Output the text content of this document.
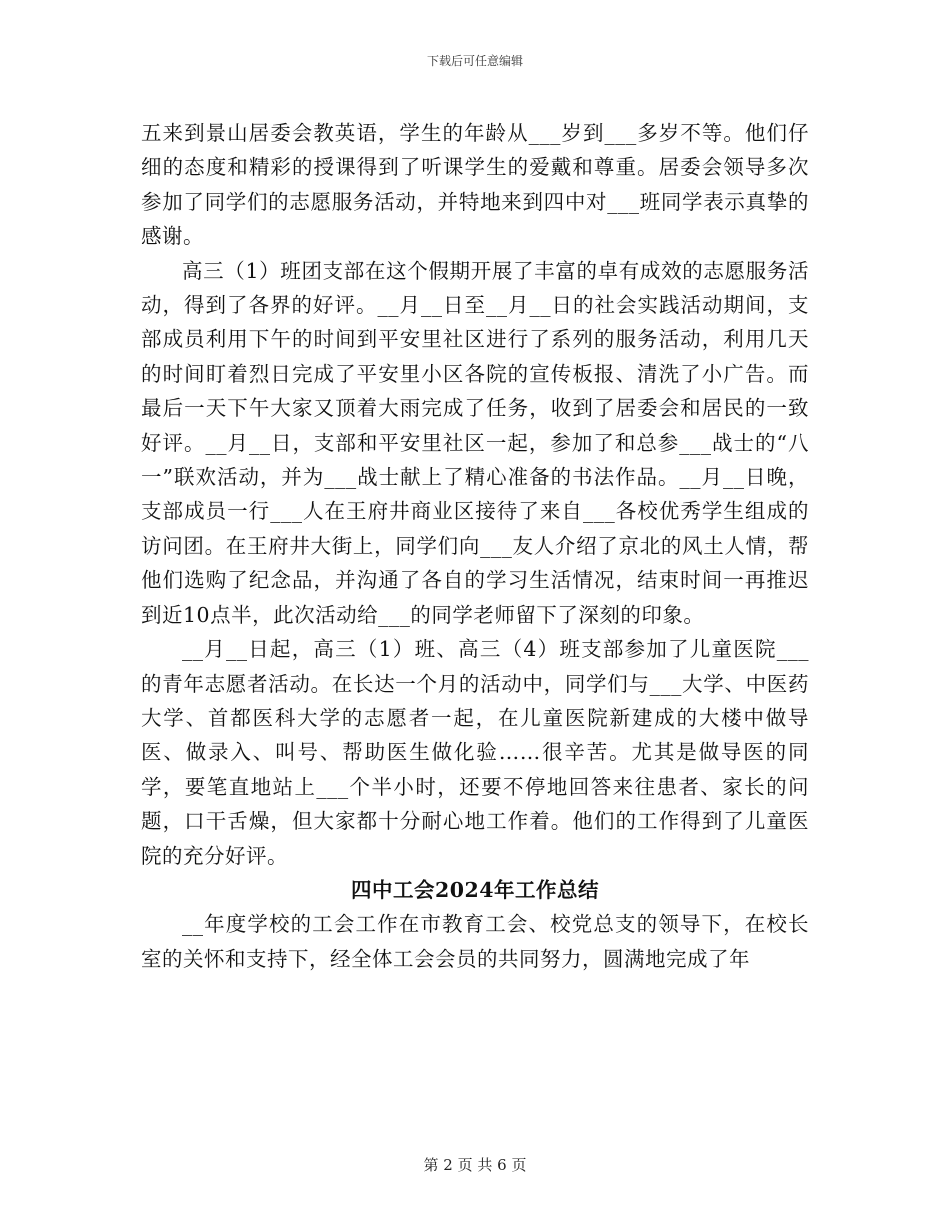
下载后可任意编辑

五来到景山居委会教英语，学生的年龄从___岁到___多岁不等。他们仔细的态度和精彩的授课得到了听课学生的爱戴和尊重。居委会领导多次参加了同学们的志愿服务活动，并特地来到四中对___班同学表示真挚的感谢。

高三（1）班团支部在这个假期开展了丰富的卓有成效的志愿服务活动，得到了各界的好评。__月__日至__月__日的社会实践活动期间，支部成员利用下午的时间到平安里社区进行了系列的服务活动，利用几天的时间盯着烈日完成了平安里小区各院的宣传板报、清洗了小广告。而最后一天下午大家又顶着大雨完成了任务，收到了居委会和居民的一致好评。__月__日，支部和平安里社区一起，参加了和总参___战士的“八一”联欢活动，并为___战士献上了精心准备的书法作品。__月__日晚，支部成员一行___人在王府井商业区接待了来自___各校优秀学生组成的访问团。在王府井大街上，同学们向___友人介绍了京北的风土人情，帮他们选购了纪念品，并沟通了各自的学习生活情况，结束时间一再推迟到近10点半，此次活动给___的同学老师留下了深刻的印象。

__月__日起，高三（1）班、高三（4）班支部参加了儿童医院___的青年志愿者活动。在长达一个月的活动中，同学们与___大学、中医药大学、首都医科大学的志愿者一起，在儿童医院新建成的大楼中做导医、做录入、叫号、帮助医生做化验……很辛苦。尤其是做导医的同学，要笔直地站上___个半小时，还要不停地回答来往患者、家长的问题，口干舌燥，但大家都十分耐心地工作着。他们的工作得到了儿童医院的充分好评。

四中工会2024年工作总结

__年度学校的工会工作在市教育工会、校党总支的领导下，在校长室的关怀和支持下，经全体工会会员的共同努力，圆满地完成了年

第 2 页 共 6 页
